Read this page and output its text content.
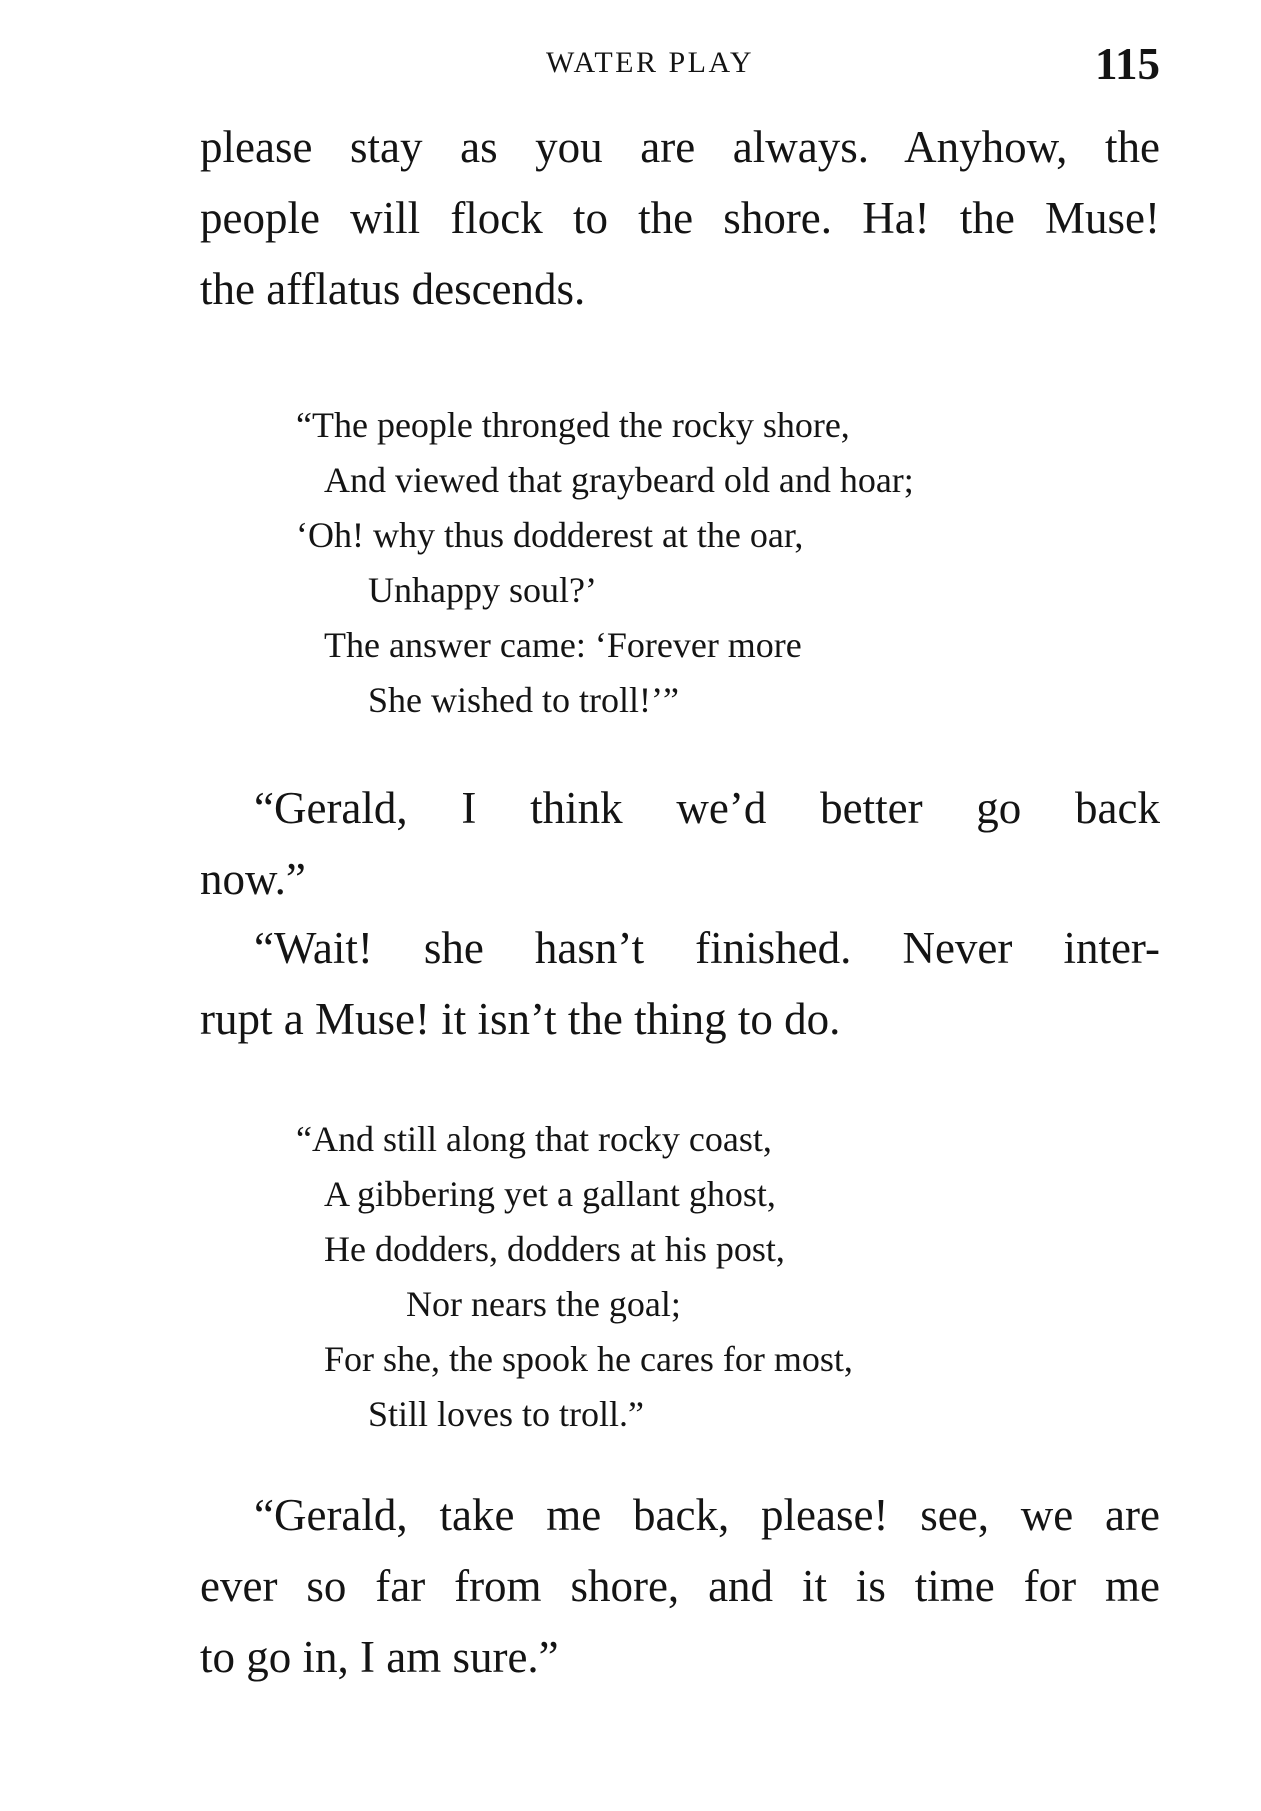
WATER PLAY	115
please stay as you are always. Anyhow, the
people will flock to the shore. Ha! the Muse!
the afflatus descends.
“The people thronged the rocky shore,
And viewed that graybeard old and hoar;
‘Oh! why thus dodderest at the oar,
Unhappy soul?’
The answer came: ‘Forever more
She wished to troll!’”
“Gerald, I think we’d better go back
now.”
“Wait! she hasn’t finished. Never inter-
rupt a Muse! it isn’t the thing to do.
“And still along that rocky coast,
A gibbering yet a gallant ghost,
He dodders, dodders at his post,
Nor nears the goal;
For she, the spook he cares for most,
Still loves to troll.”
“Gerald, take me back, please! see, we are
ever so far from shore, and it is time for me
to go in, I am sure.”
